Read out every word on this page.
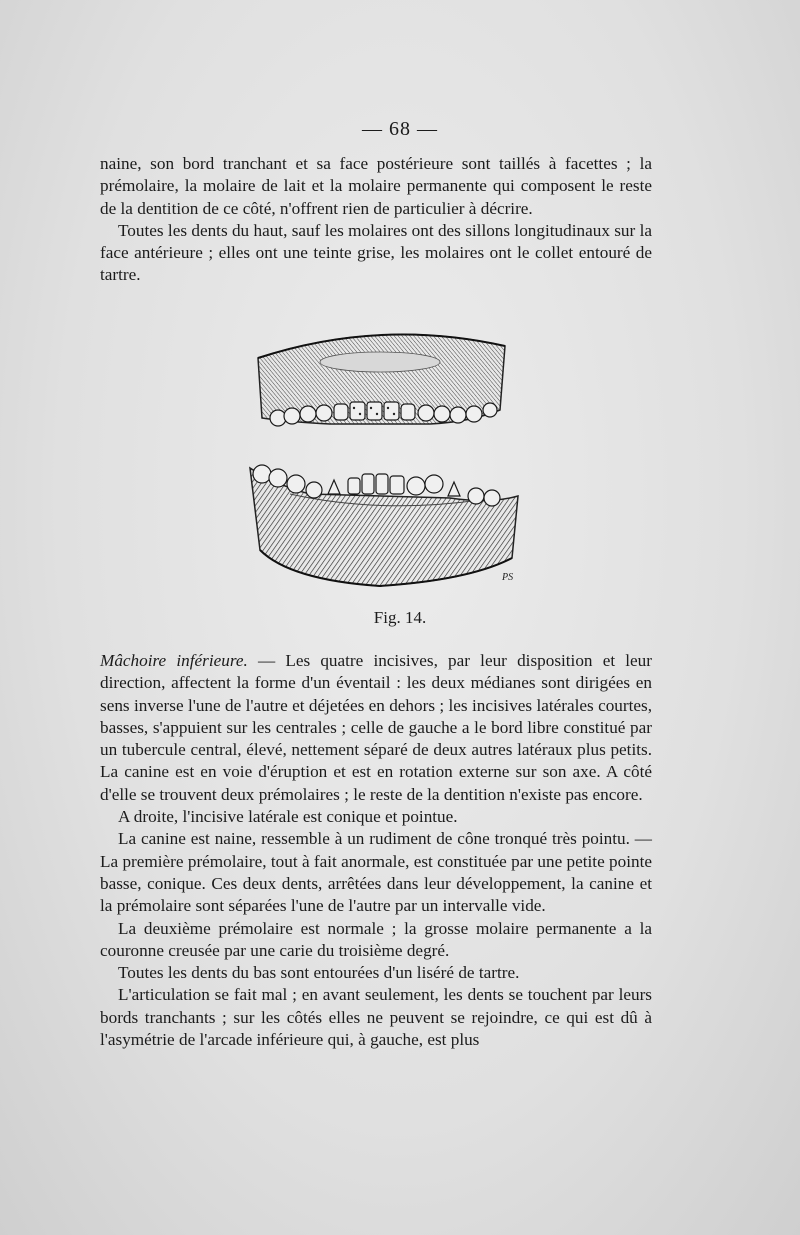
— 68 —

naine, son bord tranchant et sa face postérieure sont taillés à facettes ; la prémolaire, la molaire de lait et la molaire permanente qui composent le reste de la dentition de ce côté, n'offrent rien de particulier à décrire.

Toutes les dents du haut, sauf les molaires ont des sillons longitudinaux sur la face antérieure ; elles ont une teinte grise, les molaires ont le collet entouré de tartre.

PS
Fig. 14.

Mâchoire inférieure. — Les quatre incisives, par leur disposition et leur direction, affectent la forme d'un éventail : les deux médianes sont dirigées en sens inverse l'une de l'autre et déjetées en dehors ; les incisives latérales courtes, basses, s'appuient sur les centrales ; celle de gauche a le bord libre constitué par un tubercule central, élevé, nettement séparé de deux autres latéraux plus petits. La canine est en voie d'éruption et est en rotation externe sur son axe. A côté d'elle se trouvent deux prémolaires ; le reste de la dentition n'existe pas encore.

A droite, l'incisive latérale est conique et pointue.

La canine est naine, ressemble à un rudiment de cône tronqué très pointu. — La première prémolaire, tout à fait anormale, est constituée par une petite pointe basse, conique. Ces deux dents, arrêtées dans leur développement, la canine et la prémolaire sont séparées l'une de l'autre par un intervalle vide.

La deuxième prémolaire est normale ; la grosse molaire permanente a la couronne creusée par une carie du troisième degré.

Toutes les dents du bas sont entourées d'un liséré de tartre.

L'articulation se fait mal ; en avant seulement, les dents se touchent par leurs bords tranchants ; sur les côtés elles ne peuvent se rejoindre, ce qui est dû à l'asymétrie de l'arcade inférieure qui, à gauche, est plus
